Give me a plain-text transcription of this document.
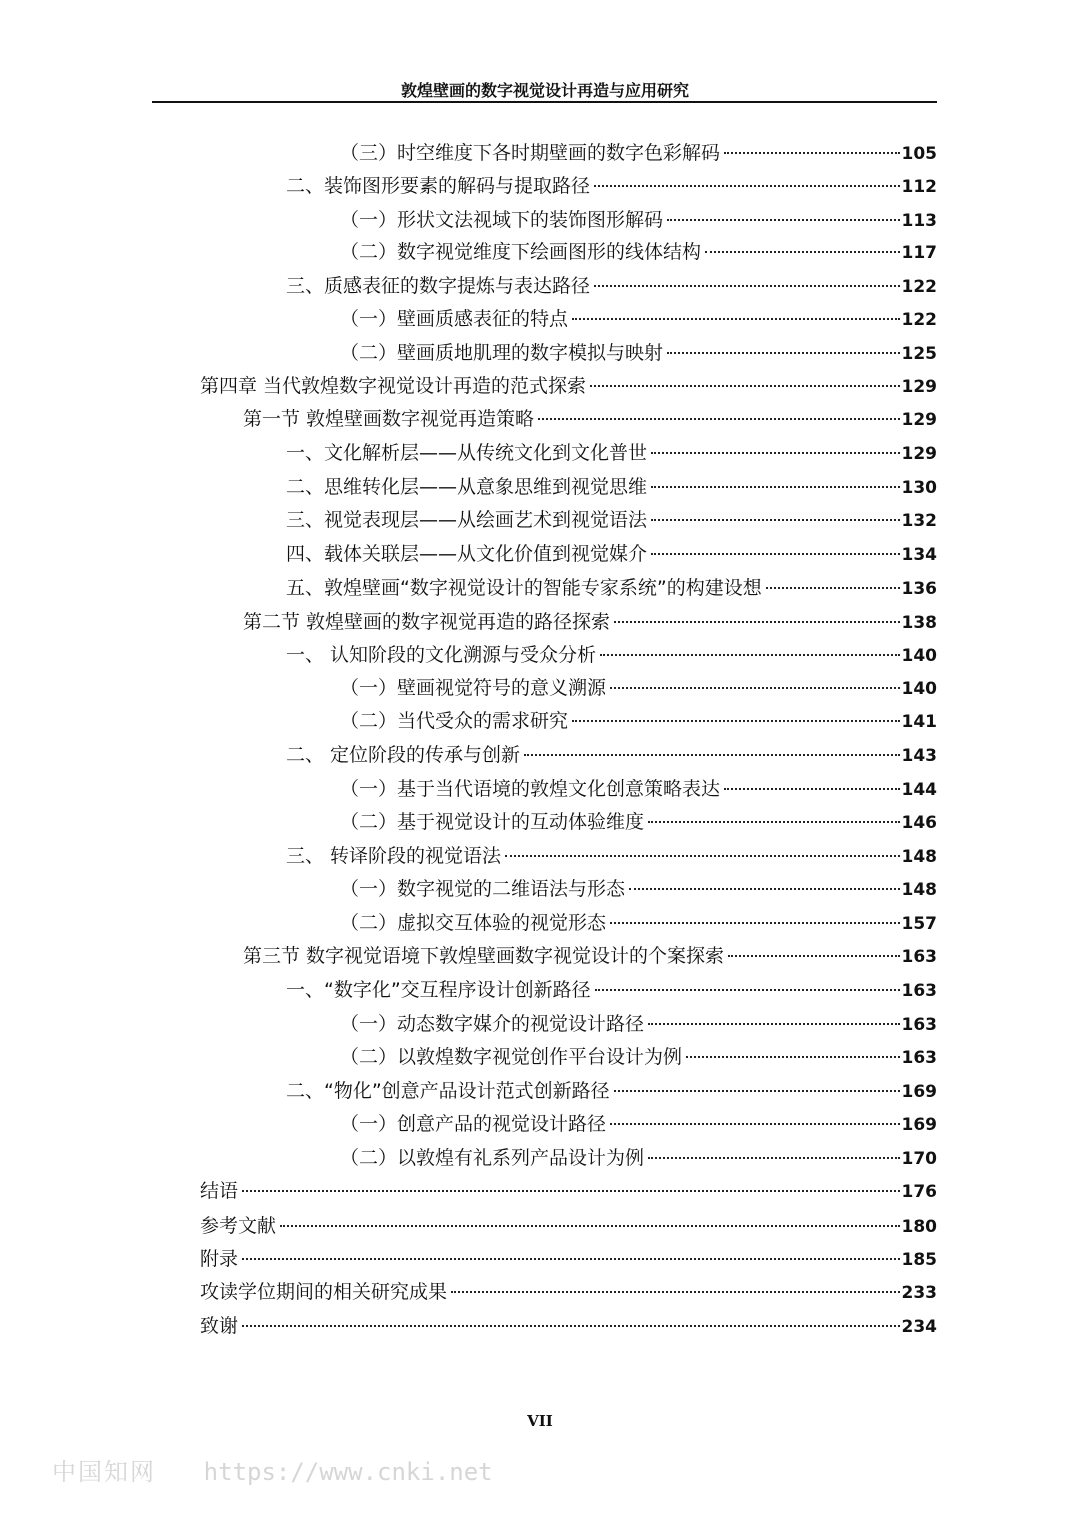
敦煌壁画的数字视觉设计再造与应用研究
（三）时空维度下各时期壁画的数字色彩解码	105
二、装饰图形要素的解码与提取路径	112
（一）形状文法视域下的装饰图形解码	113
（二）数字视觉维度下绘画图形的线体结构	117
三、质感表征的数字提炼与表达路径	122
（一）壁画质感表征的特点	122
（二）壁画质地肌理的数字模拟与映射	125
第四章 当代敦煌数字视觉设计再造的范式探索	129
第一节 敦煌壁画数字视觉再造策略	129
一、文化解析层——从传统文化到文化普世	129
二、思维转化层——从意象思维到视觉思维	130
三、视觉表现层——从绘画艺术到视觉语法	132
四、载体关联层——从文化价值到视觉媒介	134
五、敦煌壁画“数字视觉设计的智能专家系统”的构建设想	136
第二节 敦煌壁画的数字视觉再造的路径探索	138
一、 认知阶段的文化溯源与受众分析	140
（一）壁画视觉符号的意义溯源	140
（二）当代受众的需求研究	141
二、 定位阶段的传承与创新	143
（一）基于当代语境的敦煌文化创意策略表达	144
（二）基于视觉设计的互动体验维度	146
三、 转译阶段的视觉语法	148
（一）数字视觉的二维语法与形态	148
（二）虚拟交互体验的视觉形态	157
第三节 数字视觉语境下敦煌壁画数字视觉设计的个案探索	163
一、“数字化”交互程序设计创新路径	163
（一）动态数字媒介的视觉设计路径	163
（二）以敦煌数字视觉创作平台设计为例	163
二、“物化”创意产品设计范式创新路径	169
（一）创意产品的视觉设计路径	169
（二）以敦煌有礼系列产品设计为例	170
结语	176
参考文献	180
附录	185
攻读学位期间的相关研究成果	233
致谢	234
VII
中国知网 https://www.cnki.net
